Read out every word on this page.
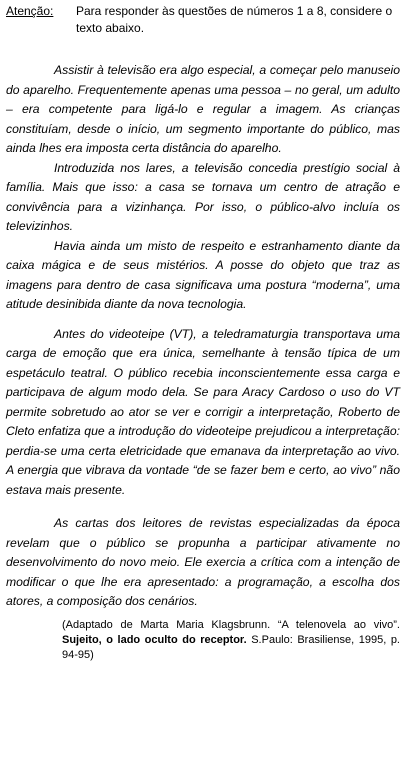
Atenção:	Para responder às questões de números 1 a 8, considere o texto abaixo.

Assistir à televisão era algo especial, a começar pelo manuseio do aparelho. Frequentemente apenas uma pessoa – no geral, um adulto – era competente para ligá-lo e regular a imagem. As crianças constituíam, desde o início, um segmento importante do público, mas ainda lhes era imposta certa distância do aparelho.

Introduzida nos lares, a televisão concedia prestígio social à família. Mais que isso: a casa se tornava um centro de atração e convivência para a vizinhança. Por isso, o público-alvo incluía os televizinhos.

Havia ainda um misto de respeito e estranhamento diante da caixa mágica e de seus mistérios. A posse do objeto que traz as imagens para dentro de casa significava uma postura “moderna”, uma atitude desinibida diante da nova tecnologia.

Antes do videoteipe (VT), a teledramaturgia transportava uma carga de emoção que era única, semelhante à tensão típica de um espetáculo teatral. O público recebia inconscientemente essa carga e participava de algum modo dela. Se para Aracy Cardoso o uso do VT permite sobretudo ao ator se ver e corrigir a interpretação, Roberto de Cleto enfatiza que a introdução do videoteipe prejudicou a interpretação: perdia-se uma certa eletricidade que emanava da interpretação ao vivo. A energia que vibrava da vontade “de se fazer bem e certo, ao vivo” não estava mais presente.

As cartas dos leitores de revistas especializadas da época revelam que o público se propunha a participar ativamente no desenvolvimento do novo meio. Ele exercia a crítica com a intenção de modificar o que lhe era apresentado: a programação, a escolha dos atores, a composição dos cenários.

(Adaptado de Marta Maria Klagsbrunn. “A telenovela ao vivo”. Sujeito, o lado oculto do receptor. S.Paulo: Brasiliense, 1995, p. 94-95)
